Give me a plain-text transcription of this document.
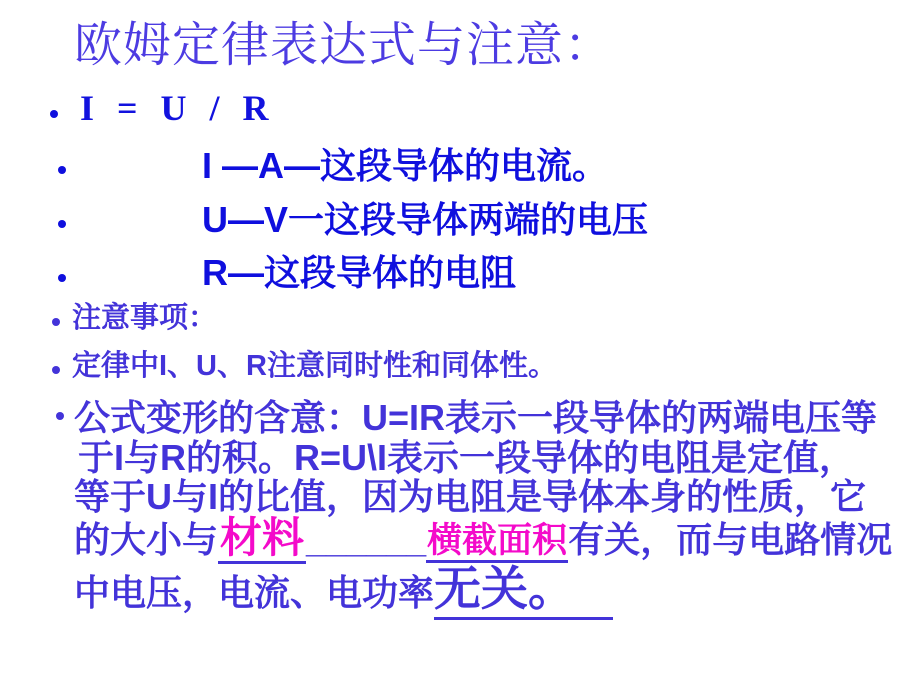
欧姆定律表达式与注意：
I = U / R
I —A—这段导体的电流。
U—V一这段导体两端的电压
R—这段导体的电阻
注意事项：
定律中I、U、R注意同时性和同体性。
公式变形的含意：U=IR表示一段导体的两端电压等
于I与R的积。R=U\I表示一段导体的电阻是定值，
等于U与I的比值，因为电阻是导体本身的性质，它
的大小与材料______横截面积有关，而与电路情况
中电压，电流、电功率无关。
